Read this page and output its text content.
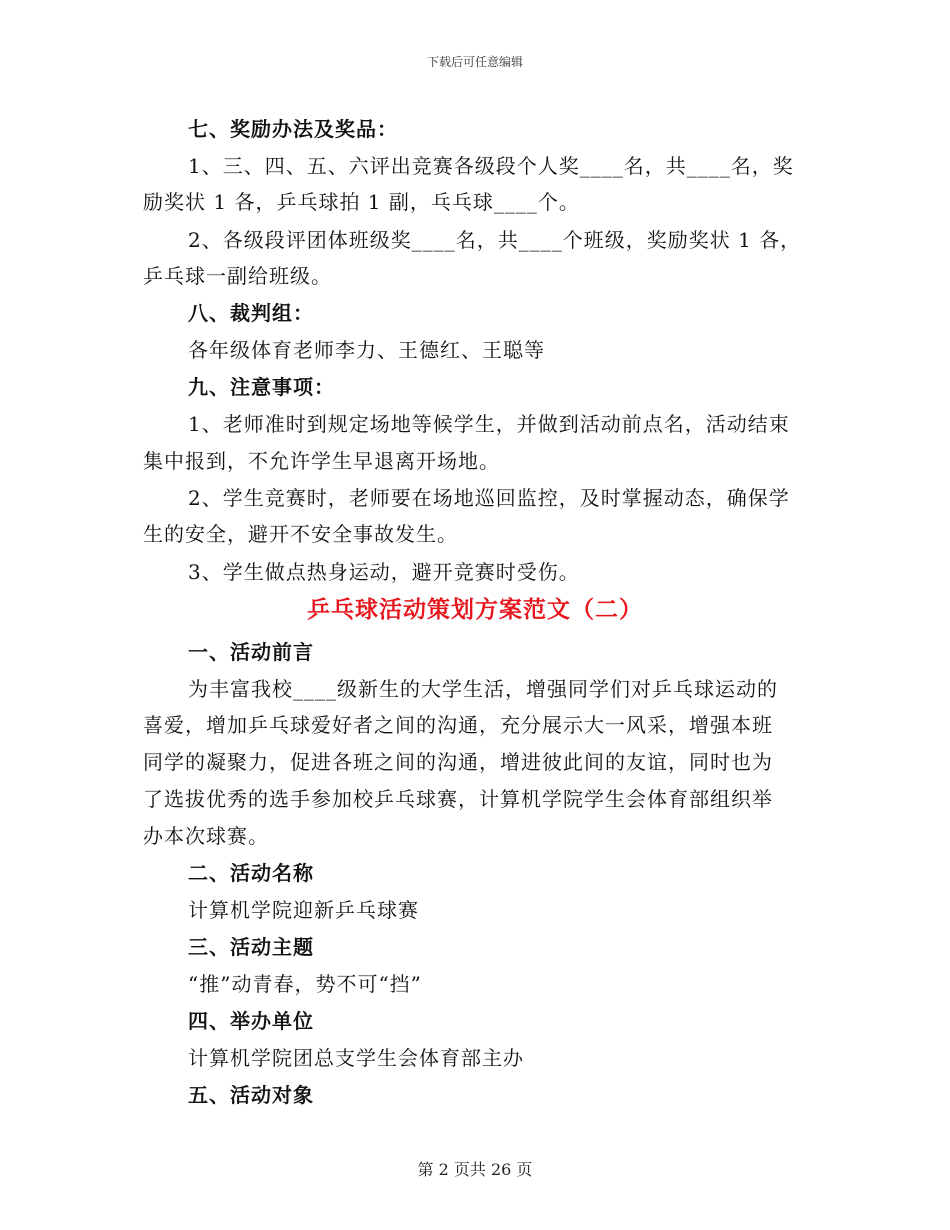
下载后可任意编辑
七、奖励办法及奖品：
1、三、四、五、六评出竞赛各级段个人奖____名，共____名，奖
励奖状 1 各，乒乓球拍 1 副，乓乓球____个。
2、各级段评团体班级奖____名，共____个班级，奖励奖状 1 各，
乒乓球一副给班级。
八、裁判组：
各年级体育老师李力、王德红、王聪等
九、注意事项：
1、老师准时到规定场地等候学生，并做到活动前点名，活动结束
集中报到，不允许学生早退离开场地。
2、学生竞赛时，老师要在场地巡回监控，及时掌握动态，确保学
生的安全，避开不安全事故发生。
3、学生做点热身运动，避开竞赛时受伤。
乒乓球活动策划方案范文（二）
一、活动前言
为丰富我校____级新生的大学生活，增强同学们对乒乓球运动的
喜爱，增加乒乓球爱好者之间的沟通，充分展示大一风采，增强本班
同学的凝聚力，促进各班之间的沟通，增进彼此间的友谊，同时也为
了选拔优秀的选手参加校乒乓球赛，计算机学院学生会体育部组织举
办本次球赛。
二、活动名称
计算机学院迎新乒乓球赛
三、活动主题
“推”动青春，势不可“挡”
四、举办单位
计算机学院团总支学生会体育部主办
五、活动对象
第 2 页共 26 页
